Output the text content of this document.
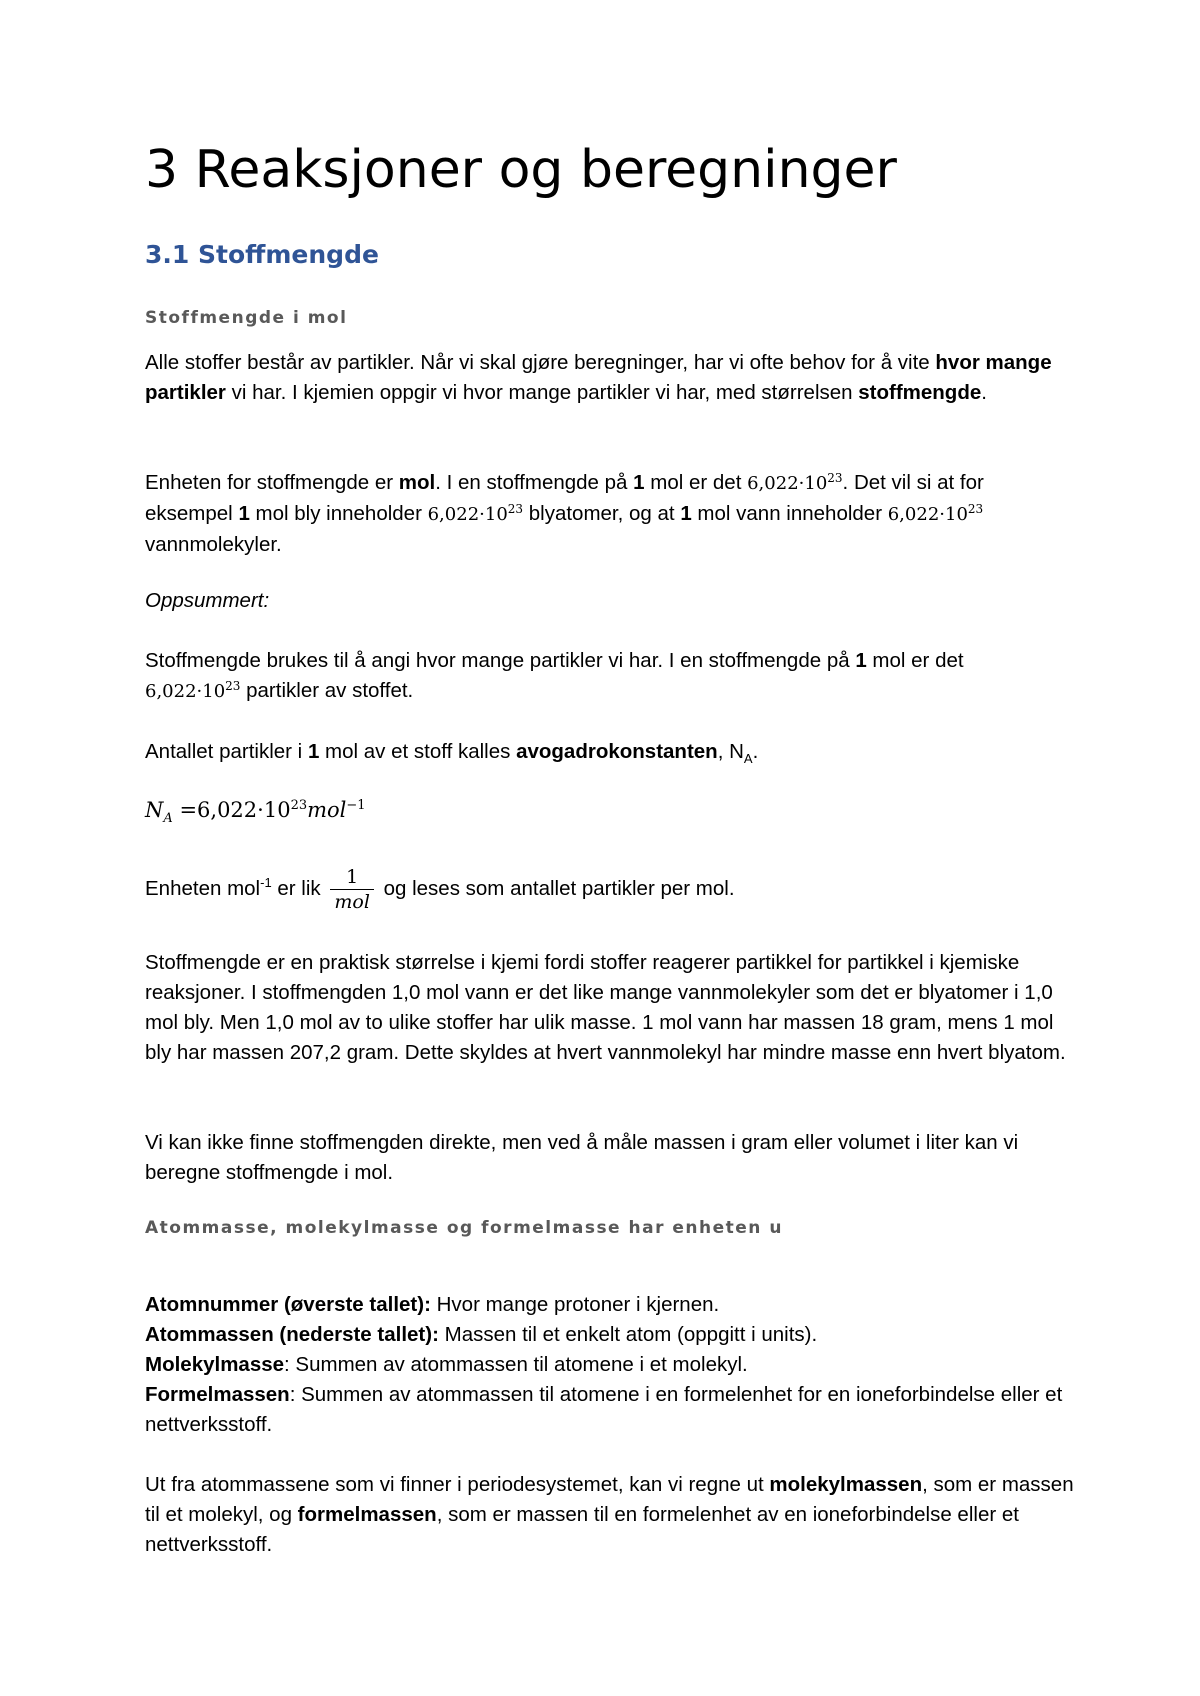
3 Reaksjoner og beregninger
3.1 Stoffmengde
Stoffmengde i mol

Alle stoffer består av partikler. Når vi skal gjøre beregninger, har vi ofte behov for å vite hvor mange partikler vi har. I kjemien oppgir vi hvor mange partikler vi har, med størrelsen stoffmengde.

Enheten for stoffmengde er mol. I en stoffmengde på 1 mol er $\det 6,022\cdot 10^{23}$. Det vil si at for eksempel 1 mol bly inneholder $6,022\cdot 10^{23}$ blyatomer, og at 1 mol vann inneholder $6,022\cdot 10^{23}$ vannmolekyler.

Oppsummert:

Stoffmengde brukes til å angi hvor mange partikler vi har. I en stoffmengde på 1 mol er det
$6,022\cdot 10^{23}$ partikler av stoffet.

Antallet partikler i 1 mol av et stoff kalles avogadrokonstanten, $N_A$.

$N_A =6,022\cdot 10^{23}mol^{-1}$

Enheten mol$^{-1}$ er lik $\frac{1}{\text{mol}}$ og leses som antallet partikler per mol.

Stoffmengde er en praktisk størrelse i kjemi fordi stoffer reagerer partikkel for partikkel i kjemiske reaksjoner. I stoffmengden 1,0 mol vann er det like mange vannmolekyler som det er blyatomer i 1,0 mol bly. Men 1,0 mol av to ulike stoffer har ulik masse. 1 mol vann har massen 18 gram, mens 1 mol bly har massen 207,2 gram. Dette skyldes at hvert vannmolekyl har mindre masse enn hvert blyatom.

Vi kan ikke finne stoffmengden direkte, men ved å måle massen i gram eller volumet i liter kan vi beregne stoffmengde i mol.

Atommasse, molekylmasse og formelmasse har enheten u

Atomnummer (øverste tallet): Hvor mange protoner i kjernen.
Atommassen (nederste tallet): Massen til et enkelt atom (oppgitt i units).
Molekylmasse: Summen av atommassen til atomene i et molekyl.
Formelmassen: Summen av atommassen til atomene i en formelenhet for en ioneforbindelse eller et nettverksstoff.

Ut fra atommassene som vi finner i periodesystemet, kan vi regne ut molekylmassen, som er massen til et molekyl, og formelmassen, som er massen til en formelenhet av en ioneforbindelse eller et nettverksstoff.
